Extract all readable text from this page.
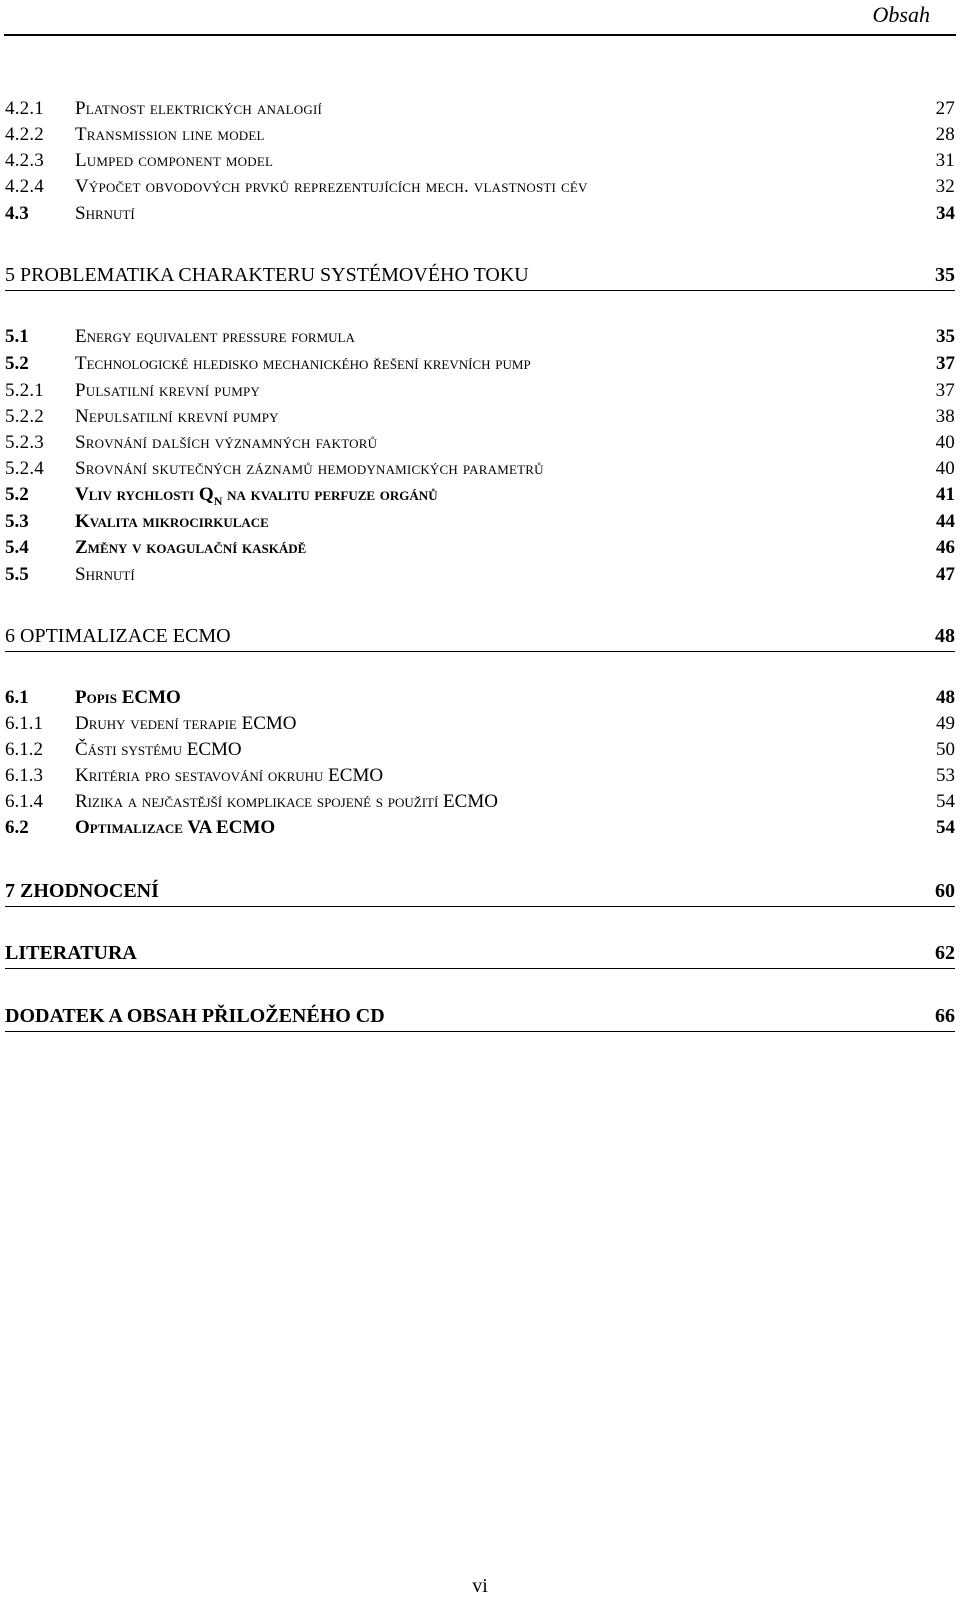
Obsah
4.2.1 Platnost elektrických analogií	27
4.2.2 Transmission line model	28
4.2.3 Lumped component model	31
4.2.4 Výpočet obvodových prvků reprezentujících mech. vlastnosti cév	32
4.3 Shrnutí	34
5 PROBLEMATIKA CHARAKTERU SYSTÉMOVÉHO TOKU	35
5.1 Energy equivalent pressure formula	35
5.2 Technologické hledisko mechanického řešení krevních pump	37
5.2.1 Pulsatilní krevní pumpy	37
5.2.2 Nepulsatilní krevní pumpy	38
5.2.3 Srovnání dalších významných faktorů	40
5.2.4 Srovnání skutečných záznamů hemodynamických parametrů	40
5.2 Vliv rychlosti $Q_N$ na kvalitu perfuze orgánů	41
5.3 Kvalita mikrocirkulace	44
5.4 Změny v koagulační kaskádě	46
5.5 Shrnutí	47
6 OPTIMALIZACE ECMO	48
6.1 Popis ECMO	48
6.1.1 Druhy vedení terapie ECMO	49
6.1.2 Části systému ECMO	50
6.1.3 Kritéria pro sestavování okruhu ECMO	53
6.1.4 Rizika a nejčastější komplikace spojené s použití ECMO	54
6.2 Optimalizace VA ECMO	54
7 ZHODNOCENÍ	60
LITERATURA	62
DODATEK A OBSAH PŘILOŽENÉHO CD	66
vi
